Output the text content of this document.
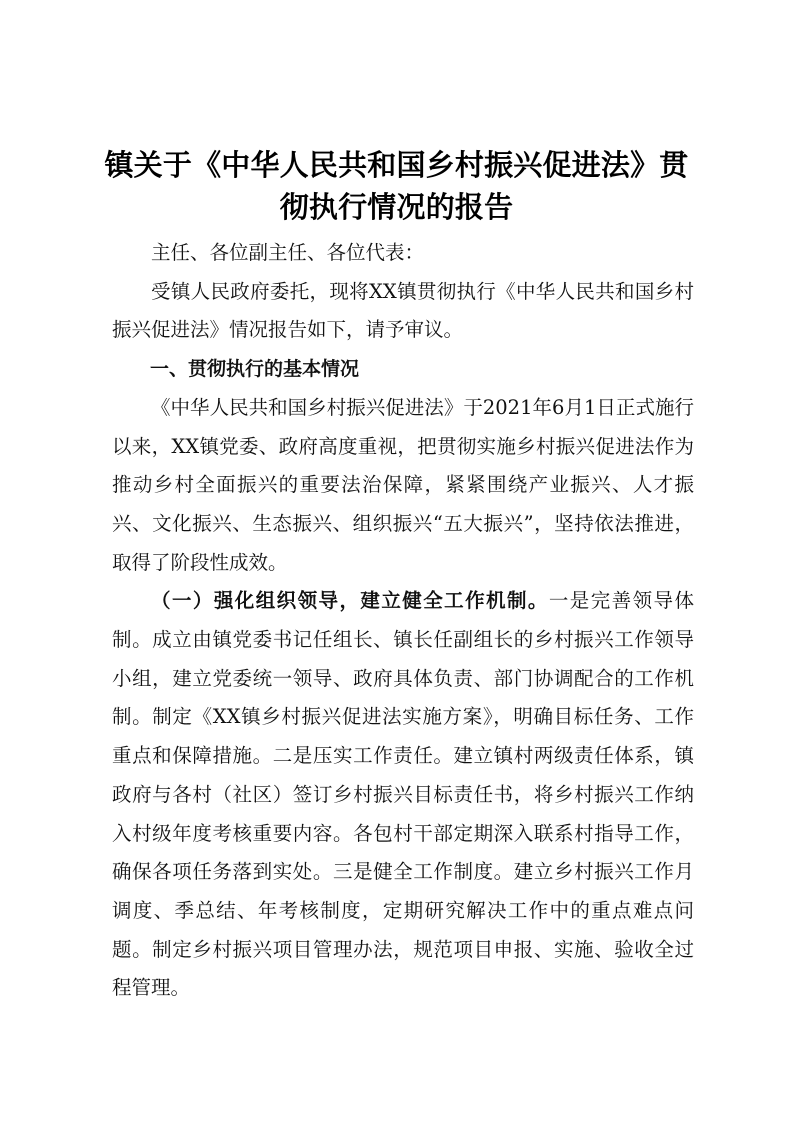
镇关于《中华人民共和国乡村振兴促进法》贯
彻执行情况的报告

主任、各位副主任、各位代表：

受镇人民政府委托，现将XX镇贯彻执行《中华人民共和国乡村振兴促进法》情况报告如下，请予审议。

一、贯彻执行的基本情况

《中华人民共和国乡村振兴促进法》于2021年6月1日正式施行以来，XX镇党委、政府高度重视，把贯彻实施乡村振兴促进法作为推动乡村全面振兴的重要法治保障，紧紧围绕产业振兴、人才振兴、文化振兴、生态振兴、组织振兴“五大振兴”，坚持依法推进，取得了阶段性成效。

（一）强化组织领导，建立健全工作机制。一是完善领导体制。成立由镇党委书记任组长、镇长任副组长的乡村振兴工作领导小组，建立党委统一领导、政府具体负责、部门协调配合的工作机制。制定《XX镇乡村振兴促进法实施方案》，明确目标任务、工作重点和保障措施。二是压实工作责任。建立镇村两级责任体系，镇政府与各村（社区）签订乡村振兴目标责任书，将乡村振兴工作纳入村级年度考核重要内容。各包村干部定期深入联系村指导工作，确保各项任务落到实处。三是健全工作制度。建立乡村振兴工作月调度、季总结、年考核制度，定期研究解决工作中的重点难点问题。制定乡村振兴项目管理办法，规范项目申报、实施、验收全过程管理。
